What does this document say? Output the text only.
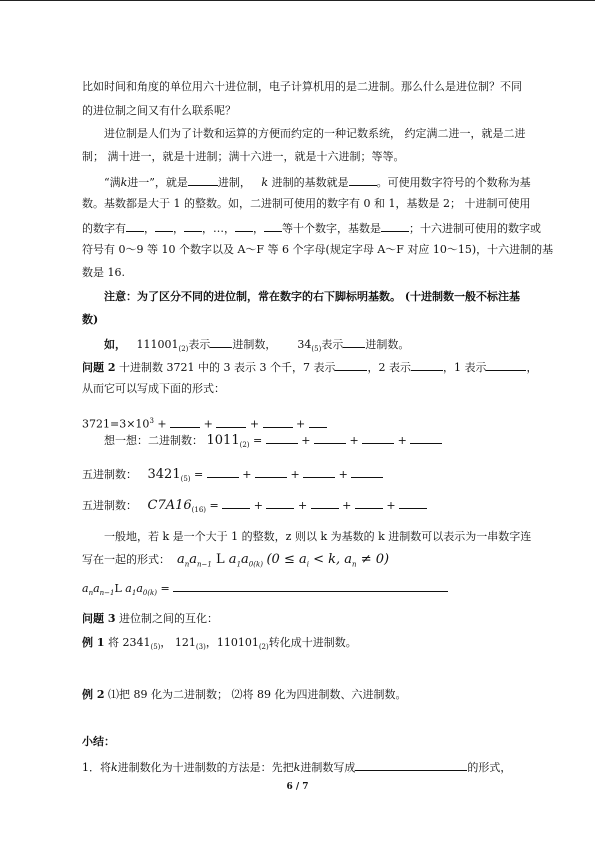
比如时间和角度的单位用六十进位制，电子计算机用的是二进制。那么什么是进位制？不同
的进位制之间又有什么联系呢？
进位制是人们为了计数和运算的方便而约定的一种记数系统， 约定满二进一，就是二进
制； 满十进一，就是十进制；满十六进一，就是十六进制；等等。
“满k进一”，就是	进制， k 进制的基数就是	。可使用数字符号的个数称为基
数。基数都是大于 1 的整数。如，二进制可使用的数字有 0 和 1，基数是 2； 十进制可使用
的数字有 ， ， ，…， ， 等十个数字，基数是	；十六进制可使用的数字或
符号有 0～9 等 10 个数字以及 A～F 等 6 个字母(规定字母 A～F 对应 10～15)，十六进制的基
数是 16.
注意：为了区分不同的进位制，常在数字的右下脚标明基数。 (十进制数一般不标注基
数)
如， $111001_{(2)}$表示 进制数， $34_{(5)}$表示 进制数。
问题 2 十进制数 3721 中的 3 表示 3 个千，7 表示	，2 表示	，1 表示	，
从而它可以写成下面的形式：
$3721=3\times 10^3$ +	+	+	+
想一想：二进制数： $1011_{(2)}$ =	+	+	+
五进制数： $3421_{(5)}$ =	+	+	+
五进制数： $C7A16_{(16)}$ =	+	+	+	+
一般地，若 k 是一个大于 1 的整数，z 则以 k 为基数的 k 进制数可以表示为一串数字连
写在一起的形式： $a_na_{n-1}$ L $a_1a_{0(k)}$ ($0 \le a_i < k$, $a_n \ne 0$)
$a_na_{n-1}L$ $a_1a_{0(k)}$ =
问题 3 进位制之间的互化：
例 1 将 $2341_{(5)}$， $121_{(3)}$，$110101_{(2)}$转化成十进制数。
例 2 ⑴把 89 化为二进制数； ⑵将 89 化为四进制数、六进制数。
小结：
1．将k进制数化为十进制数的方法是：先把k进制数写成	的形式，
6 / 7
